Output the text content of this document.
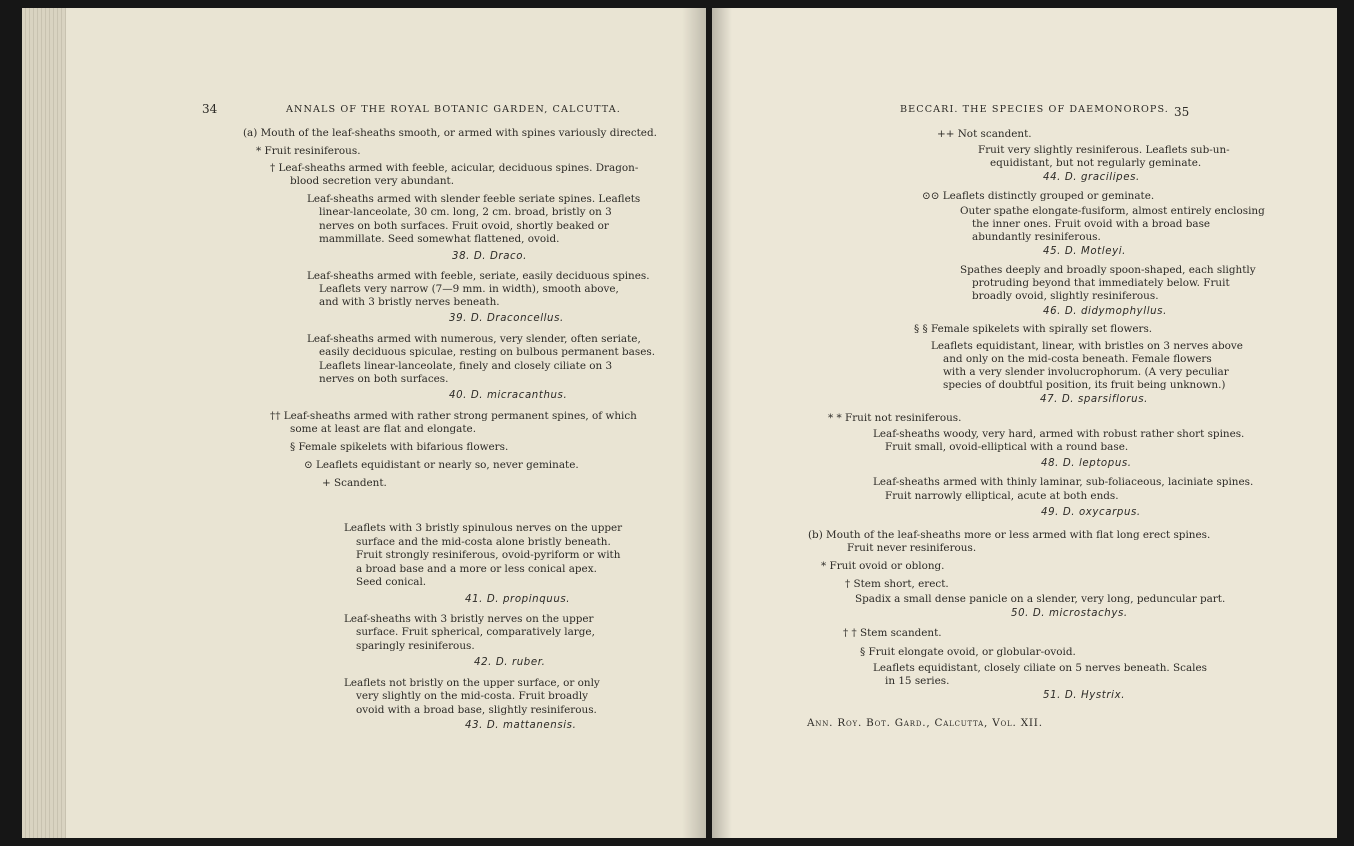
34	ANNALS OF THE ROYAL BOTANIC GARDEN, CALCUTTA.
(a) Mouth of the leaf-sheaths smooth, or armed with spines variously directed.
* Fruit resiniferous.
† Leaf-sheaths armed with feeble, acicular, deciduous spines. Dragon-
blood secretion very abundant.
Leaf-sheaths armed with slender feeble seriate spines. Leaflets
linear-lanceolate, 30 cm. long, 2 cm. broad, bristly on 3
nerves on both surfaces. Fruit ovoid, shortly beaked or
mammillate. Seed somewhat flattened, ovoid.
38. D. Draco.
Leaf-sheaths armed with feeble, seriate, easily deciduous spines.
Leaflets very narrow (7—9 mm. in width), smooth above,
and with 3 bristly nerves beneath.
39. D. Draconcellus.
Leaf-sheaths armed with numerous, very slender, often seriate,
easily deciduous spiculae, resting on bulbous permanent bases.
Leaflets linear-lanceolate, finely and closely ciliate on 3
nerves on both surfaces.
40. D. micracanthus.
†† Leaf-sheaths armed with rather strong permanent spines, of which
some at least are flat and elongate.
§ Female spikelets with bifarious flowers.
⊙ Leaflets equidistant or nearly so, never geminate.
+ Scandent.
Leaflets with 3 bristly spinulous nerves on the upper
surface and the mid-costa alone bristly beneath.
Fruit strongly resiniferous, ovoid-pyriform or with
a broad base and a more or less conical apex.
Seed conical.
41. D. propinquus.
Leaf-sheaths with 3 bristly nerves on the upper
surface. Fruit spherical, comparatively large,
sparingly resiniferous.
42. D. ruber.
Leaflets not bristly on the upper surface, or only
very slightly on the mid-costa. Fruit broadly
ovoid with a broad base, slightly resiniferous.
43. D. mattanensis.
BECCARI. THE SPECIES OF DAEMONOROPS. 35
++ Not scandent.
Fruit very slightly resiniferous. Leaflets sub-un-
equidistant, but not regularly geminate.
44. D. gracilipes.
⊙⊙ Leaflets distinctly grouped or geminate.
Outer spathe elongate-fusiform, almost entirely enclosing
the inner ones. Fruit ovoid with a broad base
abundantly resiniferous.
45. D. Motleyi.
Spathes deeply and broadly spoon-shaped, each slightly
protruding beyond that immediately below. Fruit
broadly ovoid, slightly resiniferous.
46. D. didymophyllus.
§ § Female spikelets with spirally set flowers.
Leaflets equidistant, linear, with bristles on 3 nerves above
and only on the mid-costa beneath. Female flowers
with a very slender involucrophorum. (A very peculiar
species of doubtful position, its fruit being unknown.)
47. D. sparsiflorus.
* * Fruit not resiniferous.
Leaf-sheaths woody, very hard, armed with robust rather short spines.
Fruit small, ovoid-elliptical with a round base.
48. D. leptopus.
Leaf-sheaths armed with thinly laminar, sub-foliaceous, laciniate spines.
Fruit narrowly elliptical, acute at both ends.
49. D. oxycarpus.
(b) Mouth of the leaf-sheaths more or less armed with flat long erect spines.
Fruit never resiniferous.
* Fruit ovoid or oblong.
† Stem short, erect.
Spadix a small dense panicle on a slender, very long, peduncular part.
50. D. microstachys.
† † Stem scandent.
§ Fruit elongate ovoid, or globular-ovoid.
Leaflets equidistant, closely ciliate on 5 nerves beneath. Scales
in 15 series.
51. D. Hystrix.
Ann. Roy. Bot. Gard., Calcutta, Vol. XII.
